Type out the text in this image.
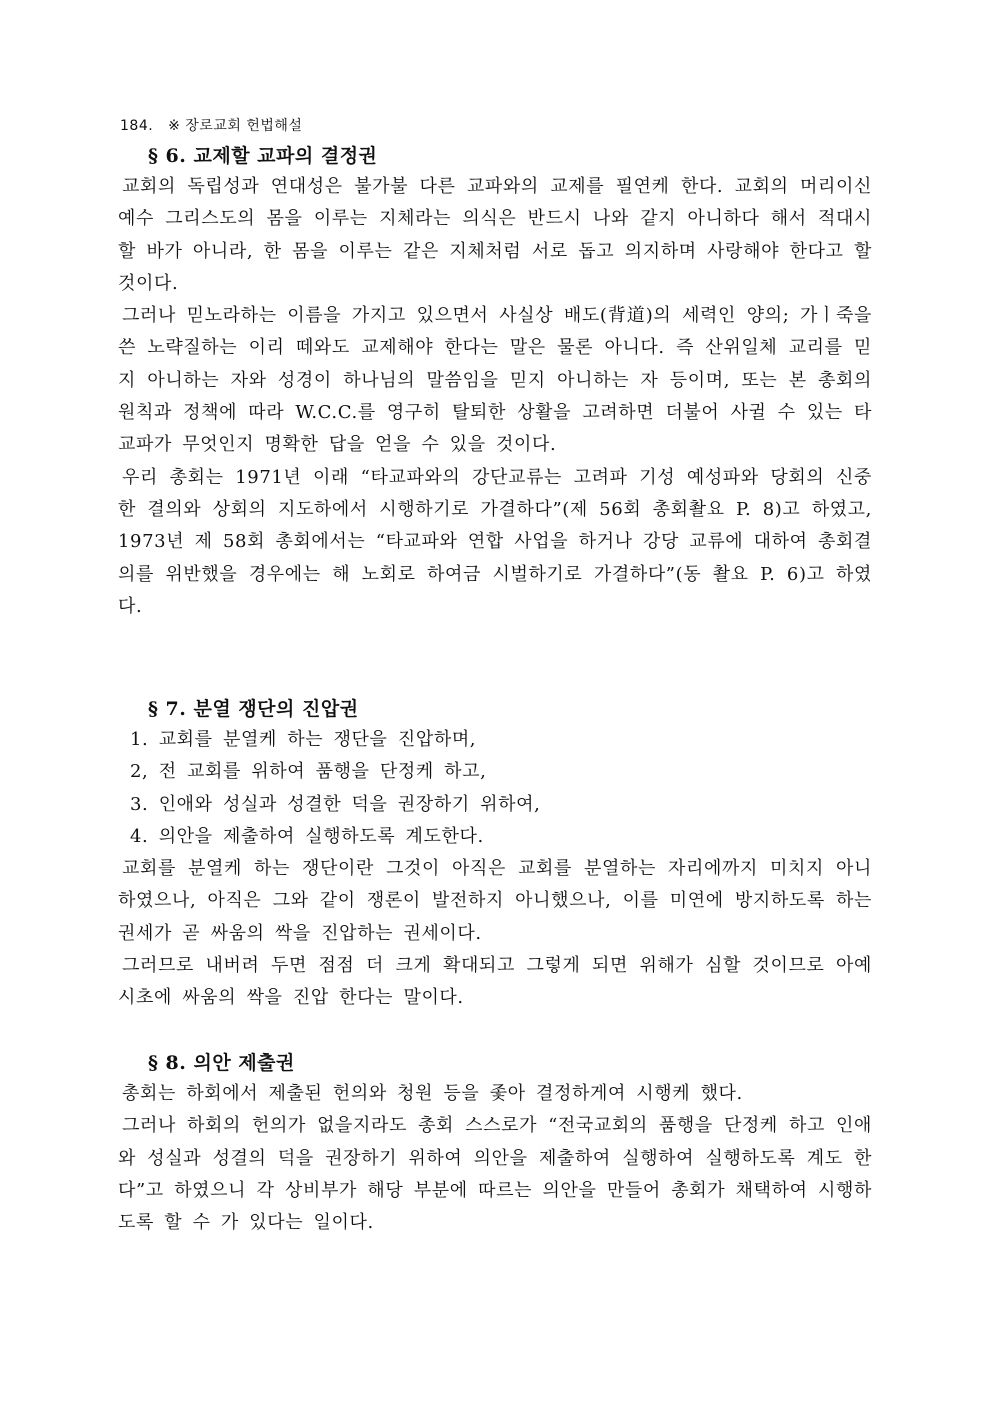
184. ※ 장로교회 헌법해설
§ 6. 교제할 교파의 결정권

교회의 독립성과 연대성은 불가불 다른 교파와의 교제를 필연케 한다. 교회의 머리이신 예수 그리스도의 몸을 이루는 지체라는 의식은 반드시 나와 같지 아니하다 해서 적대시할 바가 아니라, 한 몸을 이루는 같은 지체처럼 서로 돕고 의지하며 사랑해야 한다고 할 것이다.

그러나 믿노라하는 이름을 가지고 있으면서 사실상 배도(背道)의 세력인 양의; 가ㅣ죽을 쓴 노략질하는 이리 떼와도 교제해야 한다는 말은 물론 아니다. 즉 산위일체 교리를 믿지 아니하는 자와 성경이 하나님의 말씀임을 믿지 아니하는 자 등이며, 또는 본 총회의 원칙과 정책에 따라 W.C.C.를 영구히 탈퇴한 상활을 고려하면 더불어 사귈 수 있는 타교파가 무엇인지 명확한 답을 얻을 수 있을 것이다.

우리 총회는 1971년 이래 “타교파와의 강단교류는 고려파 기성 예성파와 당회의 신중한 결의와 상회의 지도하에서 시행하기로 가결하다”(제 56회 총회촬요 P. 8)고 하였고, 1973년 제 58회 총회에서는 “타교파와 연합 사업을 하거나 강당 교류에 대하여 총회결의를 위반했을 경우에는 해 노회로 하여금 시벌하기로 가결하다”(동 촬요 P. 6)고 하였다.

§ 7. 분열 쟁단의 진압권
1. 교회를 분열케 하는 쟁단을 진압하며,
2, 전 교회를 위하여 품행을 단정케 하고,
3. 인애와 성실과 성결한 덕을 권장하기 위하여,
4. 의안을 제출하여 실행하도록 계도한다.

교회를 분열케 하는 쟁단이란 그것이 아직은 교회를 분열하는 자리에까지 미치지 아니하였으나, 아직은 그와 같이 쟁론이 발전하지 아니했으나, 이를 미연에 방지하도록 하는 권세가 곧 싸움의 싹을 진압하는 권세이다.

그러므로 내버려 두면 점점 더 크게 확대되고 그렇게 되면 위해가 심할 것이므로 아예 시초에 싸움의 싹을 진압 한다는 말이다.

§ 8. 의안 제출권

총회는 하회에서 제출된 헌의와 청원 등을 좇아 결정하게여 시행케 했다.

그러나 하회의 헌의가 없을지라도 총회 스스로가 “전국교회의 품행을 단정케 하고 인애와 성실과 성결의 덕을 권장하기 위하여 의안을 제출하여 실행하여 실행하도록 계도 한다”고 하였으니 각 상비부가 해당 부분에 따르는 의안을 만들어 총회가 채택하여 시행하도록 할 수 가 있다는 일이다.
